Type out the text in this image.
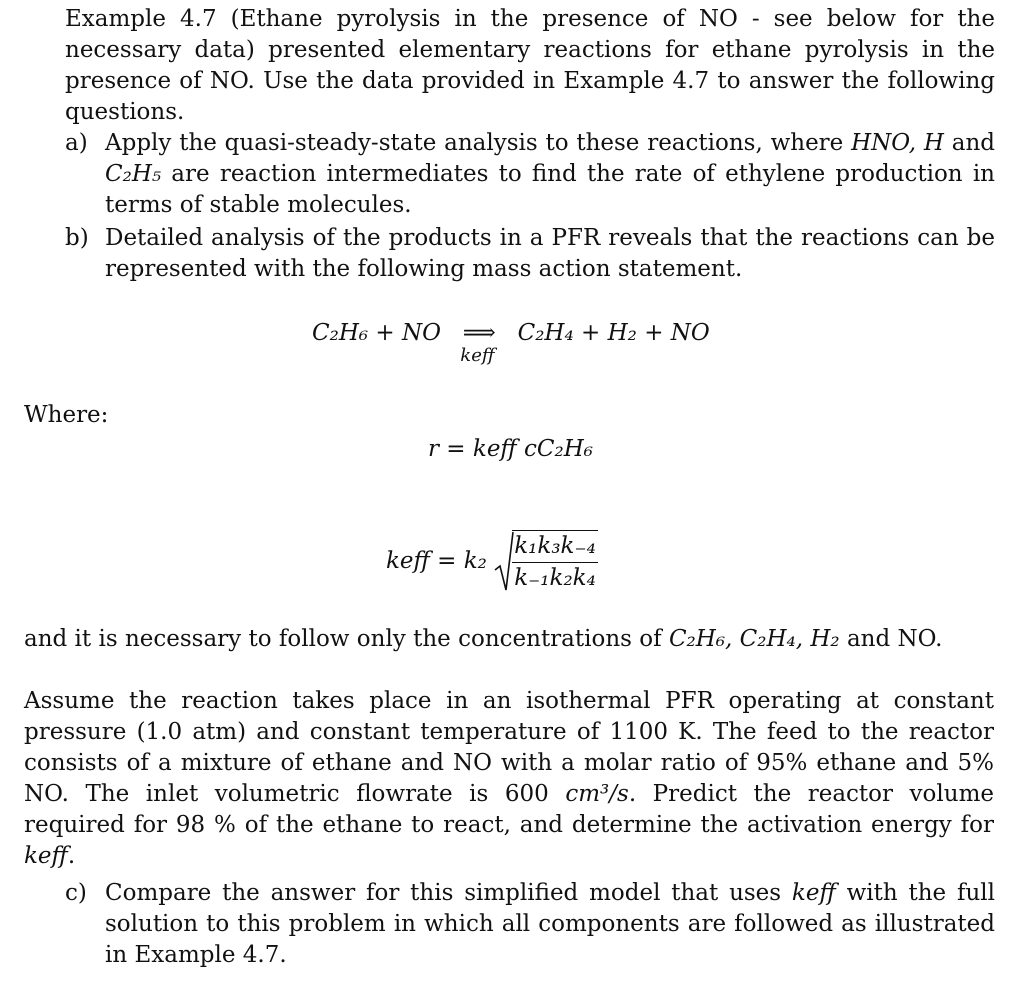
Example 4.7 (Ethane pyrolysis in the presence of NO - see below for the necessary data) presented elementary reactions for ethane pyrolysis in the presence of NO. Use the data provided in Example 4.7 to answer the following questions.
a) Apply the quasi-steady-state analysis to these reactions, where HNO, H and C₂H₅ are reaction intermediates to find the rate of ethylene production in terms of stable molecules.
b) Detailed analysis of the products in a PFR reveals that the reactions can be represented with the following mass action statement.
C₂H₆ + NO ⟹
keff
C₂H₄ + H₂ + NO
Where:
r = keff cC₂H₆
keff = $k_2 \frac{\text{k₁k₃k₋₄}}{\text{k₋₁k₂k₄}}$
and it is necessary to follow only the concentrations of C₂H₆, C₂H₄, H₂ and NO.
Assume the reaction takes place in an isothermal PFR operating at constant pressure (1.0 atm) and constant temperature of 1100 K. The feed to the reactor consists of a mixture of ethane and NO with a molar ratio of 95% ethane and 5% NO. The inlet volumetric flowrate is 600 cm³/s. Predict the reactor volume required for 98 % of the ethane to react, and determine the activation energy for keff.
c) Compare the answer for this simplified model that uses keff with the full solution to this problem in which all components are followed as illustrated in Example 4.7.
